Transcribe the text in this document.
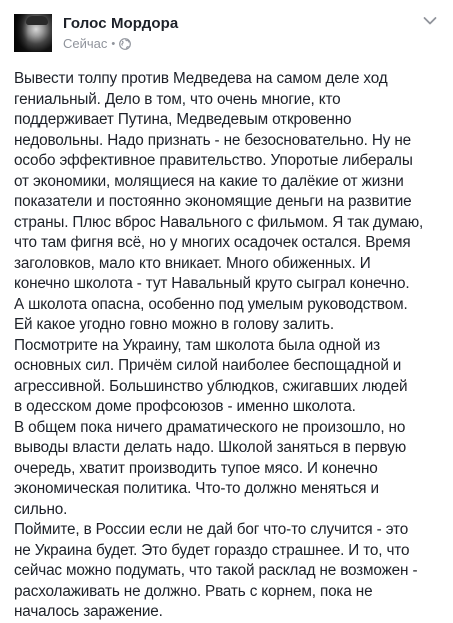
Голос Мордора
Сейчас •
Вывести толпу против Медведева на самом деле ход
гениальный. Дело в том, что очень многие, кто
поддерживает Путина, Медведевым откровенно
недовольны. Надо признать - не безосновательно. Ну не
особо эффективное правительство. Упоротые либералы
от экономики, молящиеся на какие то далёкие от жизни
показатели и постоянно экономящие деньги на развитие
страны. Плюс вброс Навального с фильмом. Я так думаю,
что там фигня всё, но у многих осадочек остался. Время
заголовков, мало кто вникает. Много обиженных. И
конечно школота - тут Навальный круто сыграл конечно.
А школота опасна, особенно под умелым руководством.
Ей какое угодно говно можно в голову залить.
Посмотрите на Украину, там школота была одной из
основных сил. Причём силой наиболее беспощадной и
агрессивной. Большинство ублюдков, сжигавших людей
в одесском доме профсоюзов - именно школота.
В общем пока ничего драматического не произошло, но
выводы власти делать надо. Школой заняться в первую
очередь, хватит производить тупое мясо. И конечно
экономическая политика. Что-то должно меняться и
сильно.
Поймите, в России если не дай бог что-то случится - это
не Украина будет. Это будет гораздо страшнее. И то, что
сейчас можно подумать, что такой расклад не возможен -
расхолаживать не должно. Рвать с корнем, пока не
началось заражение.
